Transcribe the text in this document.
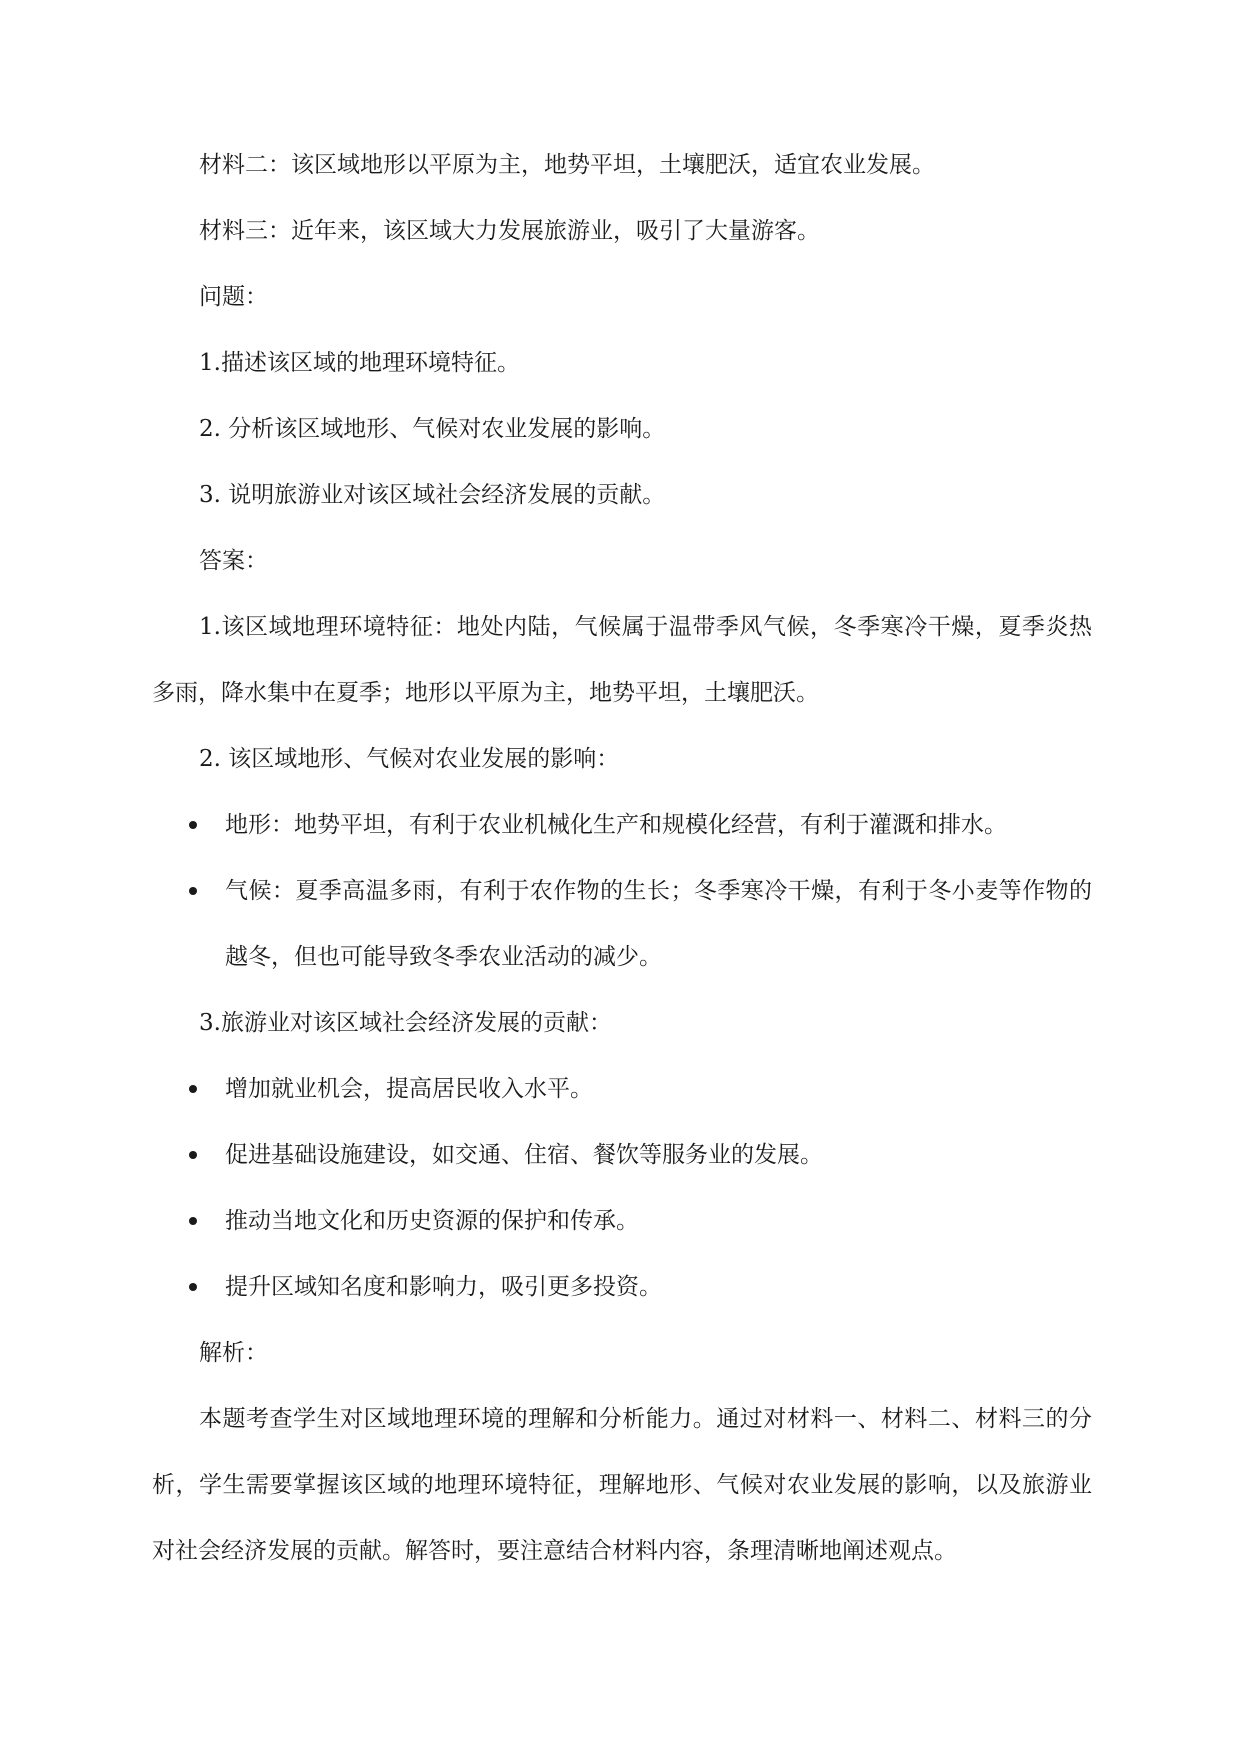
材料二：该区域地形以平原为主，地势平坦，土壤肥沃，适宜农业发展。

材料三：近年来，该区域大力发展旅游业，吸引了大量游客。

问题：

1.描述该区域的地理环境特征。

2. 分析该区域地形、气候对农业发展的影响。

3. 说明旅游业对该区域社会经济发展的贡献。

答案：

1.该区域地理环境特征：地处内陆，气候属于温带季风气候，冬季寒冷干燥，夏季炎热多雨，降水集中在夏季；地形以平原为主，地势平坦，土壤肥沃。

2. 该区域地形、气候对农业发展的影响：

地形：地势平坦，有利于农业机械化生产和规模化经营，有利于灌溉和排水。
气候：夏季高温多雨，有利于农作物的生长；冬季寒冷干燥，有利于冬小麦等作物的越冬，但也可能导致冬季农业活动的减少。

3.旅游业对该区域社会经济发展的贡献：

增加就业机会，提高居民收入水平。
促进基础设施建设，如交通、住宿、餐饮等服务业的发展。
推动当地文化和历史资源的保护和传承。
提升区域知名度和影响力，吸引更多投资。

解析：

本题考查学生对区域地理环境的理解和分析能力。通过对材料一、材料二、材料三的分析，学生需要掌握该区域的地理环境特征，理解地形、气候对农业发展的影响，以及旅游业对社会经济发展的贡献。解答时，要注意结合材料内容，条理清晰地阐述观点。
